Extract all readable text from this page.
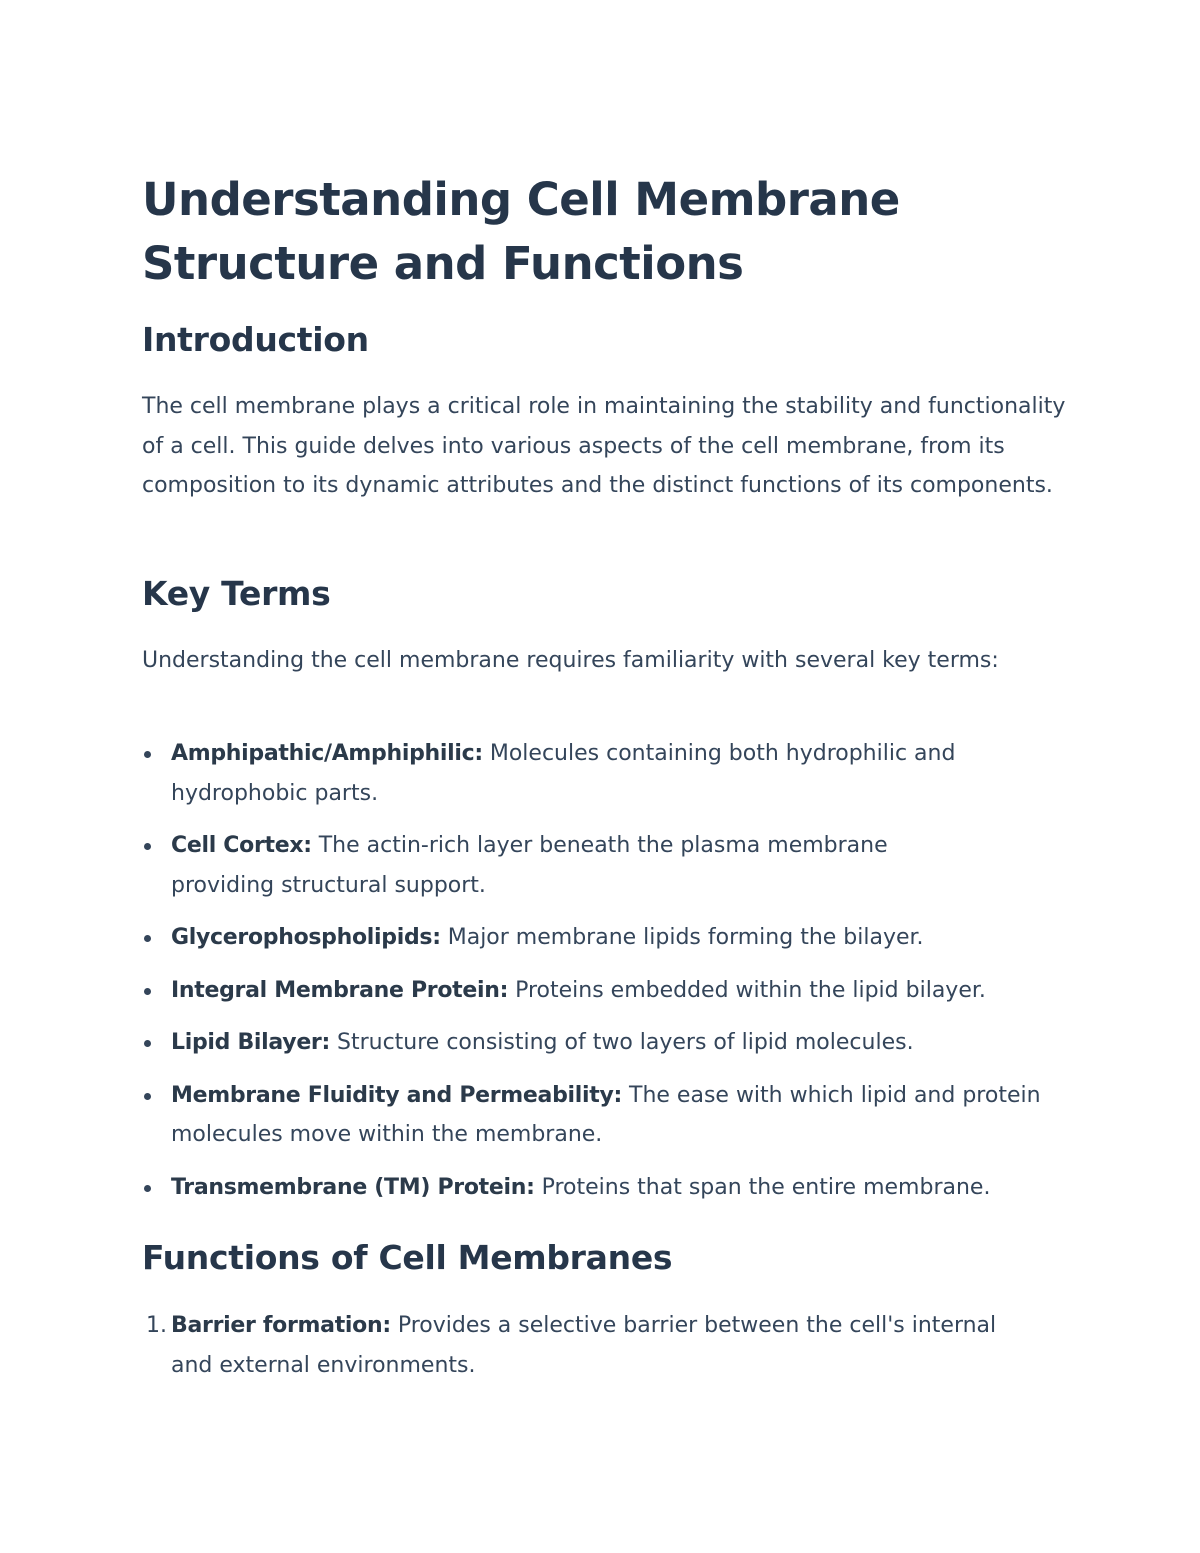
Understanding Cell Membrane Structure and Functions
Introduction

The cell membrane plays a critical role in maintaining the stability and functionality of a cell. This guide delves into various aspects of the cell membrane, from its composition to its dynamic attributes and the distinct functions of its components.

Key Terms

Understanding the cell membrane requires familiarity with several key terms:

Amphipathic/Amphiphilic: Molecules containing both hydrophilic and hydrophobic parts.
Cell Cortex: The actin-rich layer beneath the plasma membrane providing structural support.
Glycerophospholipids: Major membrane lipids forming the bilayer.
Integral Membrane Protein: Proteins embedded within the lipid bilayer.
Lipid Bilayer: Structure consisting of two layers of lipid molecules.
Membrane Fluidity and Permeability: The ease with which lipid and protein molecules move within the membrane.
Transmembrane (TM) Protein: Proteins that span the entire membrane.
Functions of Cell Membranes
1. Barrier formation: Provides a selective barrier between the cell's internal and external environments.
